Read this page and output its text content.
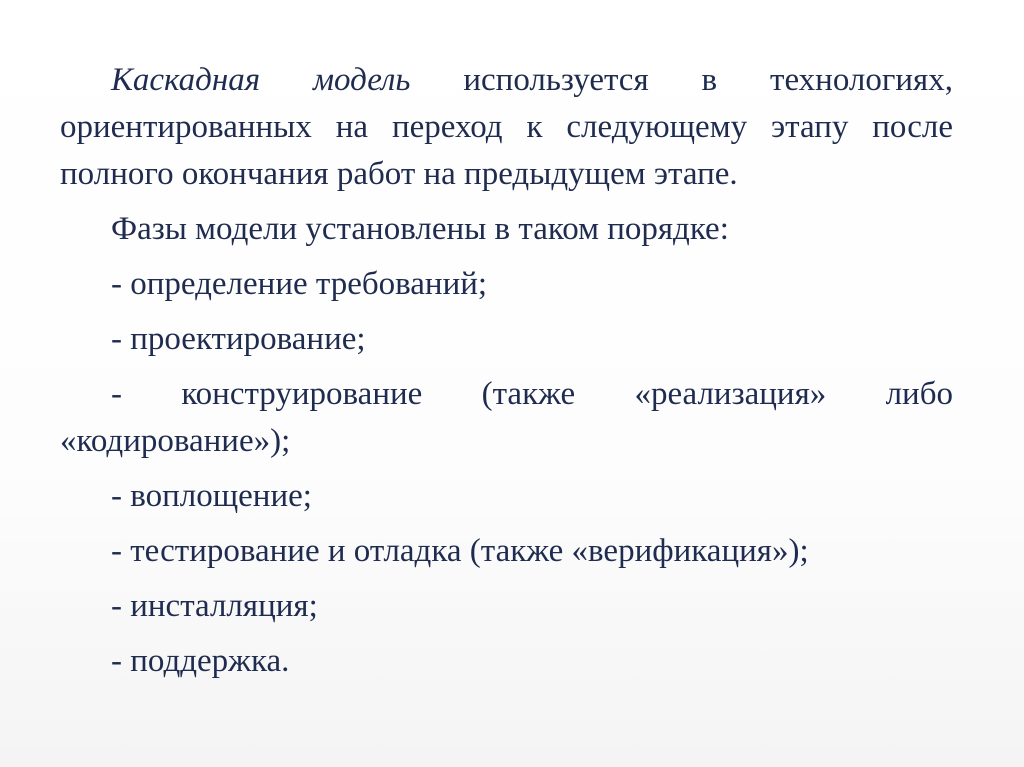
Каскадная модель используется в технологиях, ориентированных на переход к следующему этапу после полного окончания работ на предыдущем этапе.

Фазы модели установлены в таком порядке:

- определение требований;

- проектирование;

- конструирование (также «реализация» либо «кодирование»);

- воплощение;

- тестирование и отладка (также «верификация»);

- инсталляция;

- поддержка.
